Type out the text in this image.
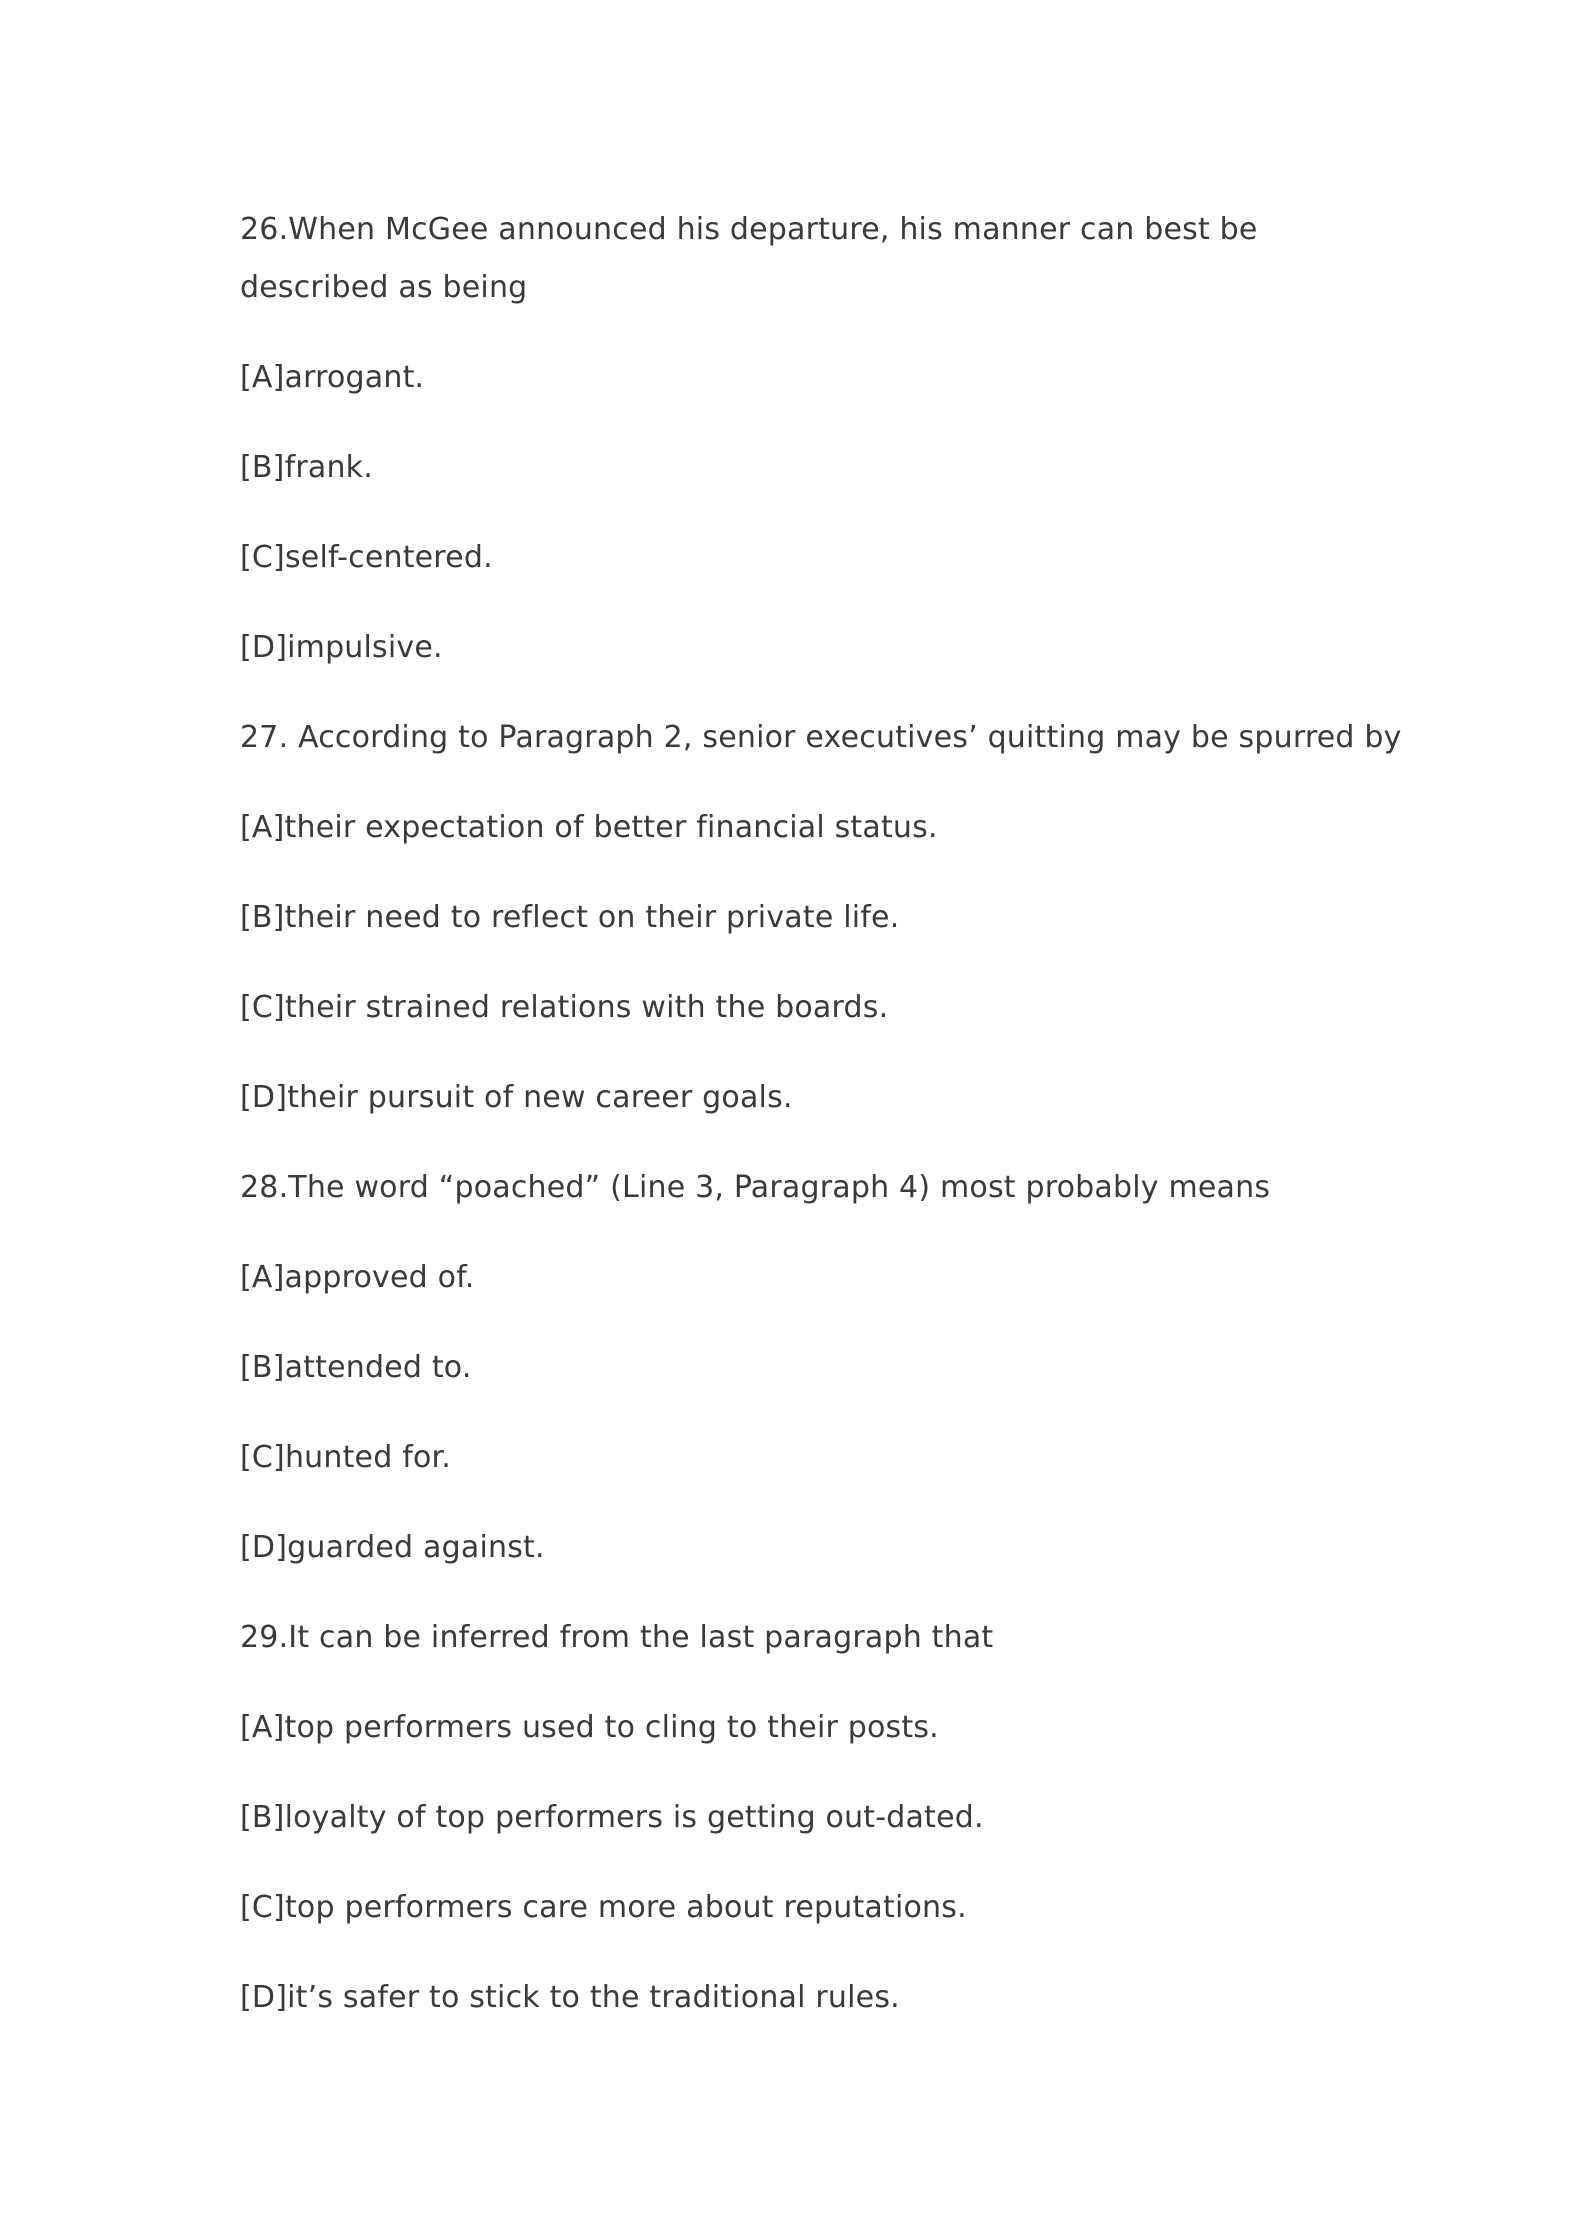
26.When McGee announced his departure, his manner can best be described as being
[A]arrogant.
[B]frank.
[C]self-centered.
[D]impulsive.
27. According to Paragraph 2, senior executives’ quitting may be spurred by
[A]their expectation of better financial status.
[B]their need to reflect on their private life.
[C]their strained relations with the boards.
[D]their pursuit of new career goals.
28.The word “poached” (Line 3, Paragraph 4) most probably means
[A]approved of.
[B]attended to.
[C]hunted for.
[D]guarded against.
29.It can be inferred from the last paragraph that
[A]top performers used to cling to their posts.
[B]loyalty of top performers is getting out-dated.
[C]top performers care more about reputations.
[D]it’s safer to stick to the traditional rules.
